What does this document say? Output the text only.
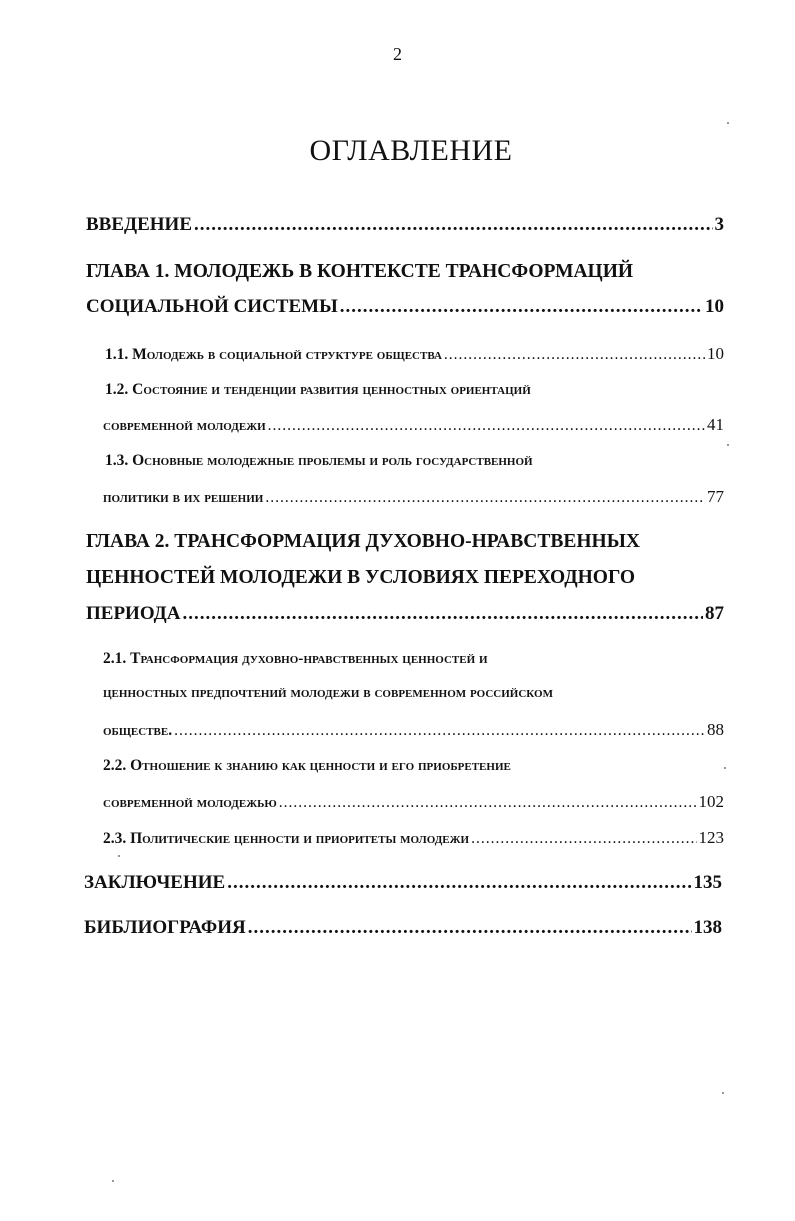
2
ОГЛАВЛЕНИЕ
ВВЕДЕНИЕ .....	3
ГЛАВА 1. МОЛОДЕЖЬ В КОНТЕКСТЕ ТРАНСФОРМАЦИЙ
СОЦИАЛЬНОЙ СИСТЕМЫ .....	10
1.1. Молодежь в социальной структуре общества .....	10
1.2. Состояние и тенденции развития ценностных ориентаций
современной молодежи .....	41
1.3. Основные молодежные проблемы и роль государственной
политики в их решении .....	77
ГЛАВА 2. ТРАНСФОРМАЦИЯ ДУХОВНО-НРАВСТВЕННЫХ
ЦЕННОСТЕЙ МОЛОДЕЖИ В УСЛОВИЯХ ПЕРЕХОДНОГО
ПЕРИОДА .....	87
2.1. Трансформация духовно-нравственных ценностей и
ценностных предпочтений молодежи в современном российском
обществе. .....	88
2.2. Отношение к знанию как ценности и его приобретение
современной молодежью .....	102
2.3. Политические ценности и приоритеты молодежи .....	123
ЗАКЛЮЧЕНИЕ .....	135
БИБЛИОГРАФИЯ .....	138
